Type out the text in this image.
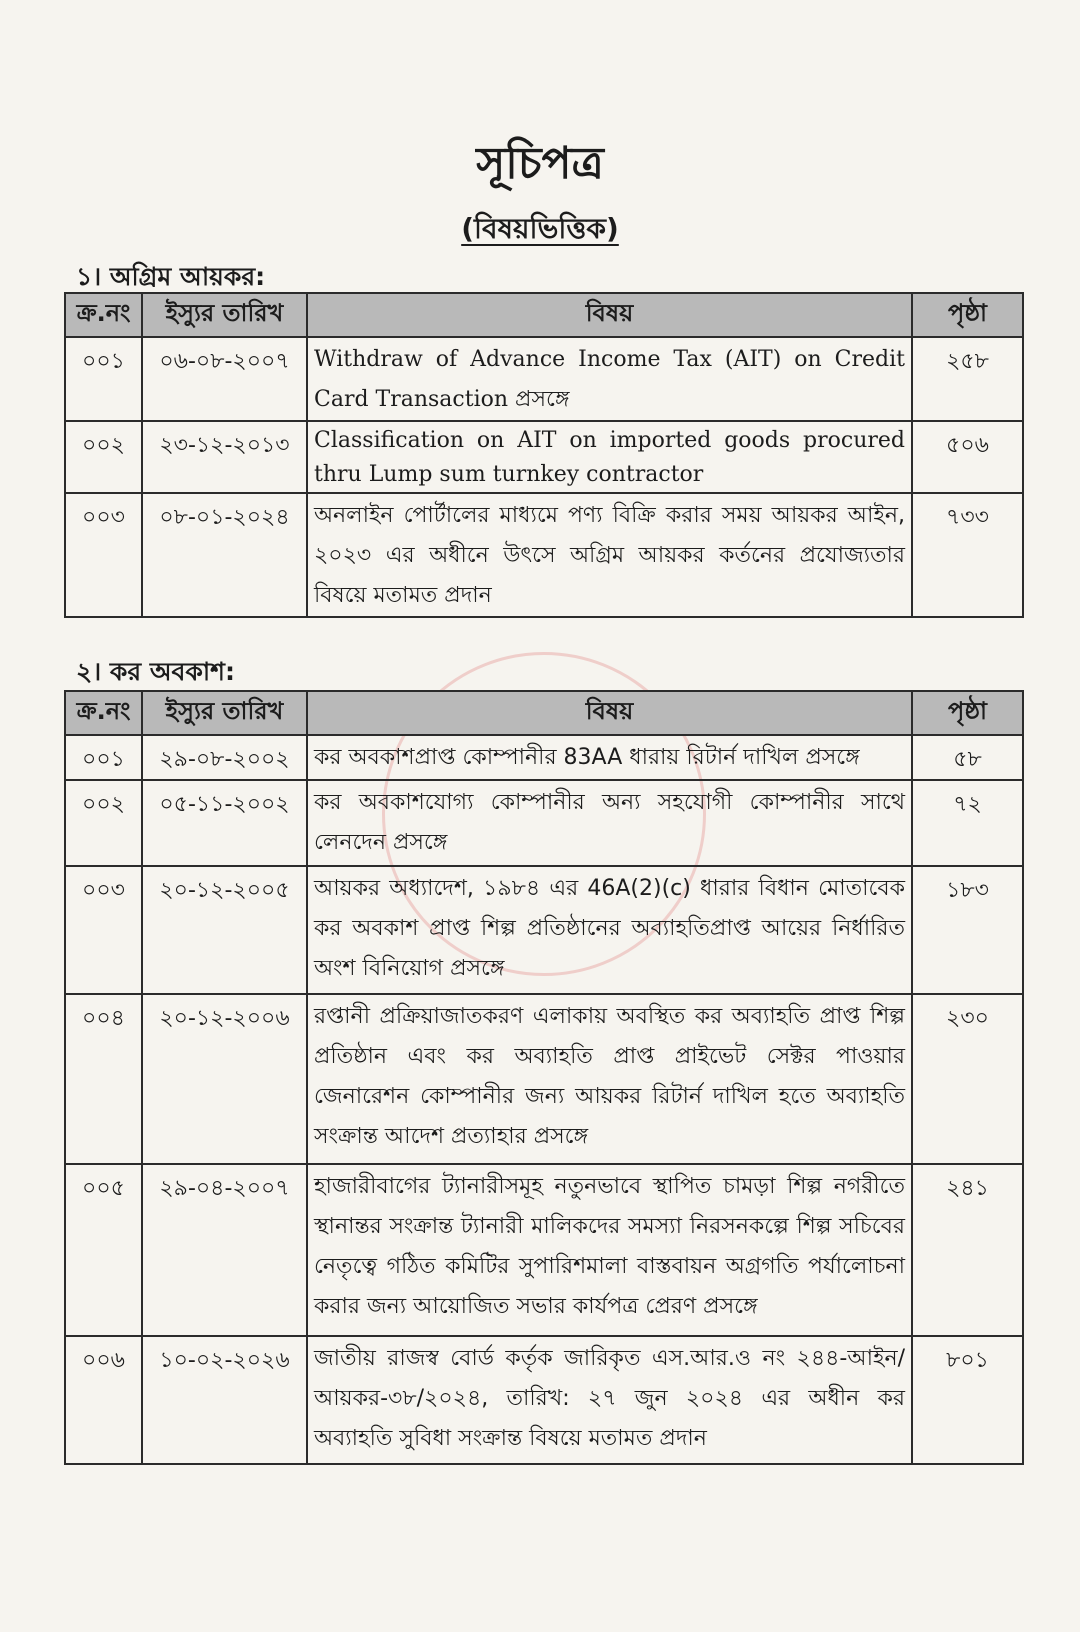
সূচিপত্র
(বিষয়ভিত্তিক)
১। অগ্রিম আয়কর:
ক্র.নং	ইস্যুর তারিখ	বিষয়	পৃষ্ঠা
০০১	০৬-০৮-২০০৭	Withdraw of Advance Income Tax (AIT) on Credit Card Transaction প্রসঙ্গে	২৫৮
০০২	২৩-১২-২০১৩	Classification on AIT on imported goods procured thru Lump sum turnkey contractor	৫০৬
০০৩	০৮-০১-২০২৪	অনলাইন পোর্টালের মাধ্যমে পণ্য বিক্রি করার সময় আয়কর আইন, ২০২৩ এর অধীনে উৎসে অগ্রিম আয়কর কর্তনের প্রযোজ্যতার বিষয়ে মতামত প্রদান	৭৩৩
২। কর অবকাশ:
ক্র.নং	ইস্যুর তারিখ	বিষয়	পৃষ্ঠা
০০১	২৯-০৮-২০০২	কর অবকাশপ্রাপ্ত কোম্পানীর 83AA ধারায় রিটার্ন দাখিল প্রসঙ্গে	৫৮
০০২	০৫-১১-২০০২	কর অবকাশযোগ্য কোম্পানীর অন্য সহযোগী কোম্পানীর সাথে লেনদেন প্রসঙ্গে	৭২
০০৩	২০-১২-২০০৫	আয়কর অধ্যাদেশ, ১৯৮৪ এর 46A(2)(c) ধারার বিধান মোতাবেক কর অবকাশ প্রাপ্ত শিল্প প্রতিষ্ঠানের অব্যাহতিপ্রাপ্ত আয়ের নির্ধারিত অংশ বিনিয়োগ প্রসঙ্গে	১৮৩
০০৪	২০-১২-২০০৬	রপ্তানী প্রক্রিয়াজাতকরণ এলাকায় অবস্থিত কর অব্যাহতি প্রাপ্ত শিল্প প্রতিষ্ঠান এবং কর অব্যাহতি প্রাপ্ত প্রাইভেট সেক্টর পাওয়ার জেনারেশন কোম্পানীর জন্য আয়কর রিটার্ন দাখিল হতে অব্যাহতি সংক্রান্ত আদেশ প্রত্যাহার প্রসঙ্গে	২৩০
০০৫	২৯-০৪-২০০৭	হাজারীবাগের ট্যানারীসমূহ নতুনভাবে স্থাপিত চামড়া শিল্প নগরীতে স্থানান্তর সংক্রান্ত ট্যানারী মালিকদের সমস্যা নিরসনকল্পে শিল্প সচিবের নেতৃত্বে গঠিত কমিটির সুপারিশমালা বাস্তবায়ন অগ্রগতি পর্যালোচনা করার জন্য আয়োজিত সভার কার্যপত্র প্রেরণ প্রসঙ্গে	২৪১
০০৬	১০-০২-২০২৬	জাতীয় রাজস্ব বোর্ড কর্তৃক জারিকৃত এস.আর.ও নং ২৪৪-আইন/আয়কর-৩৮/২০২৪, তারিখ: ২৭ জুন ২০২৪ এর অধীন কর অব্যাহতি সুবিধা সংক্রান্ত বিষয়ে মতামত প্রদান	৮০১
